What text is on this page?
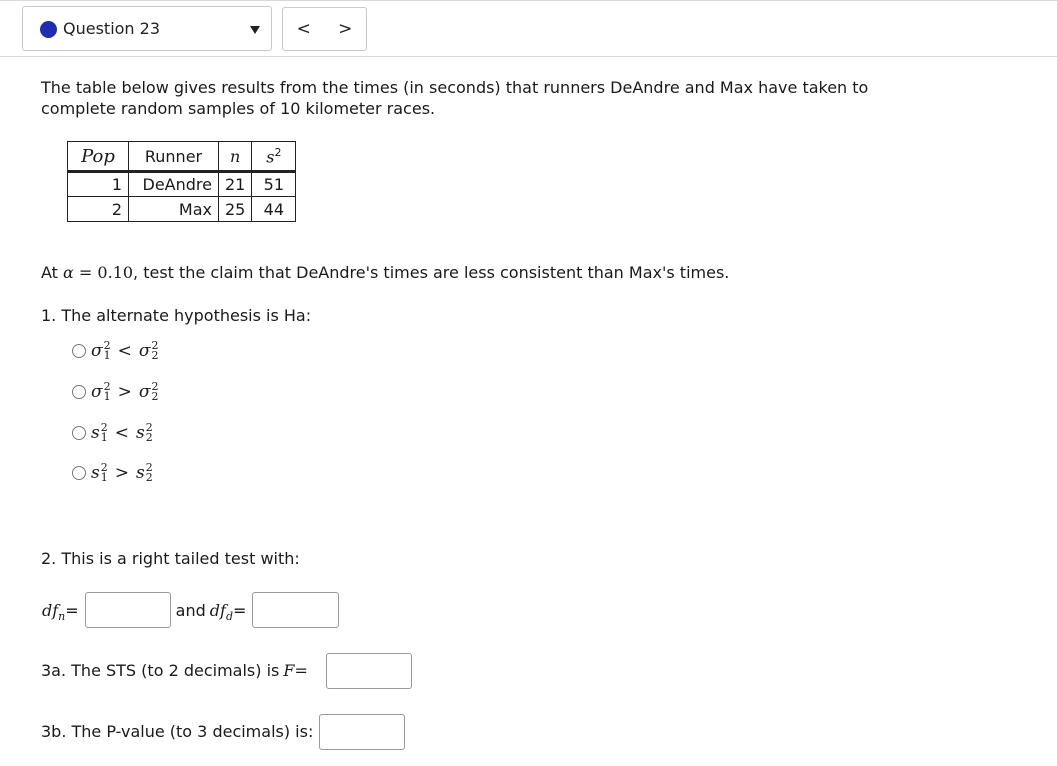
Question 23	<	>
The table below gives results from the times (in seconds) that runners DeAndre and Max have taken to complete random samples of 10 kilometer races.
Pop	Runner	n	$s^2$
1	DeAndre	21	51
2	Max	25	44
At α = 0.10, test the claim that DeAndre's times are less consistent than Max's times.
1. The alternate hypothesis is Ha:
σ 2
1 < σ 2
2
σ 2
1 > σ 2
2
s 2
1 < s 2
2
s 2
1 > s 2
2
2. This is a right tailed test with:
$df_n$ =	and $df_d$ =
3a. The STS (to 2 decimals) is F =
3b. The P-value (to 3 decimals) is:
